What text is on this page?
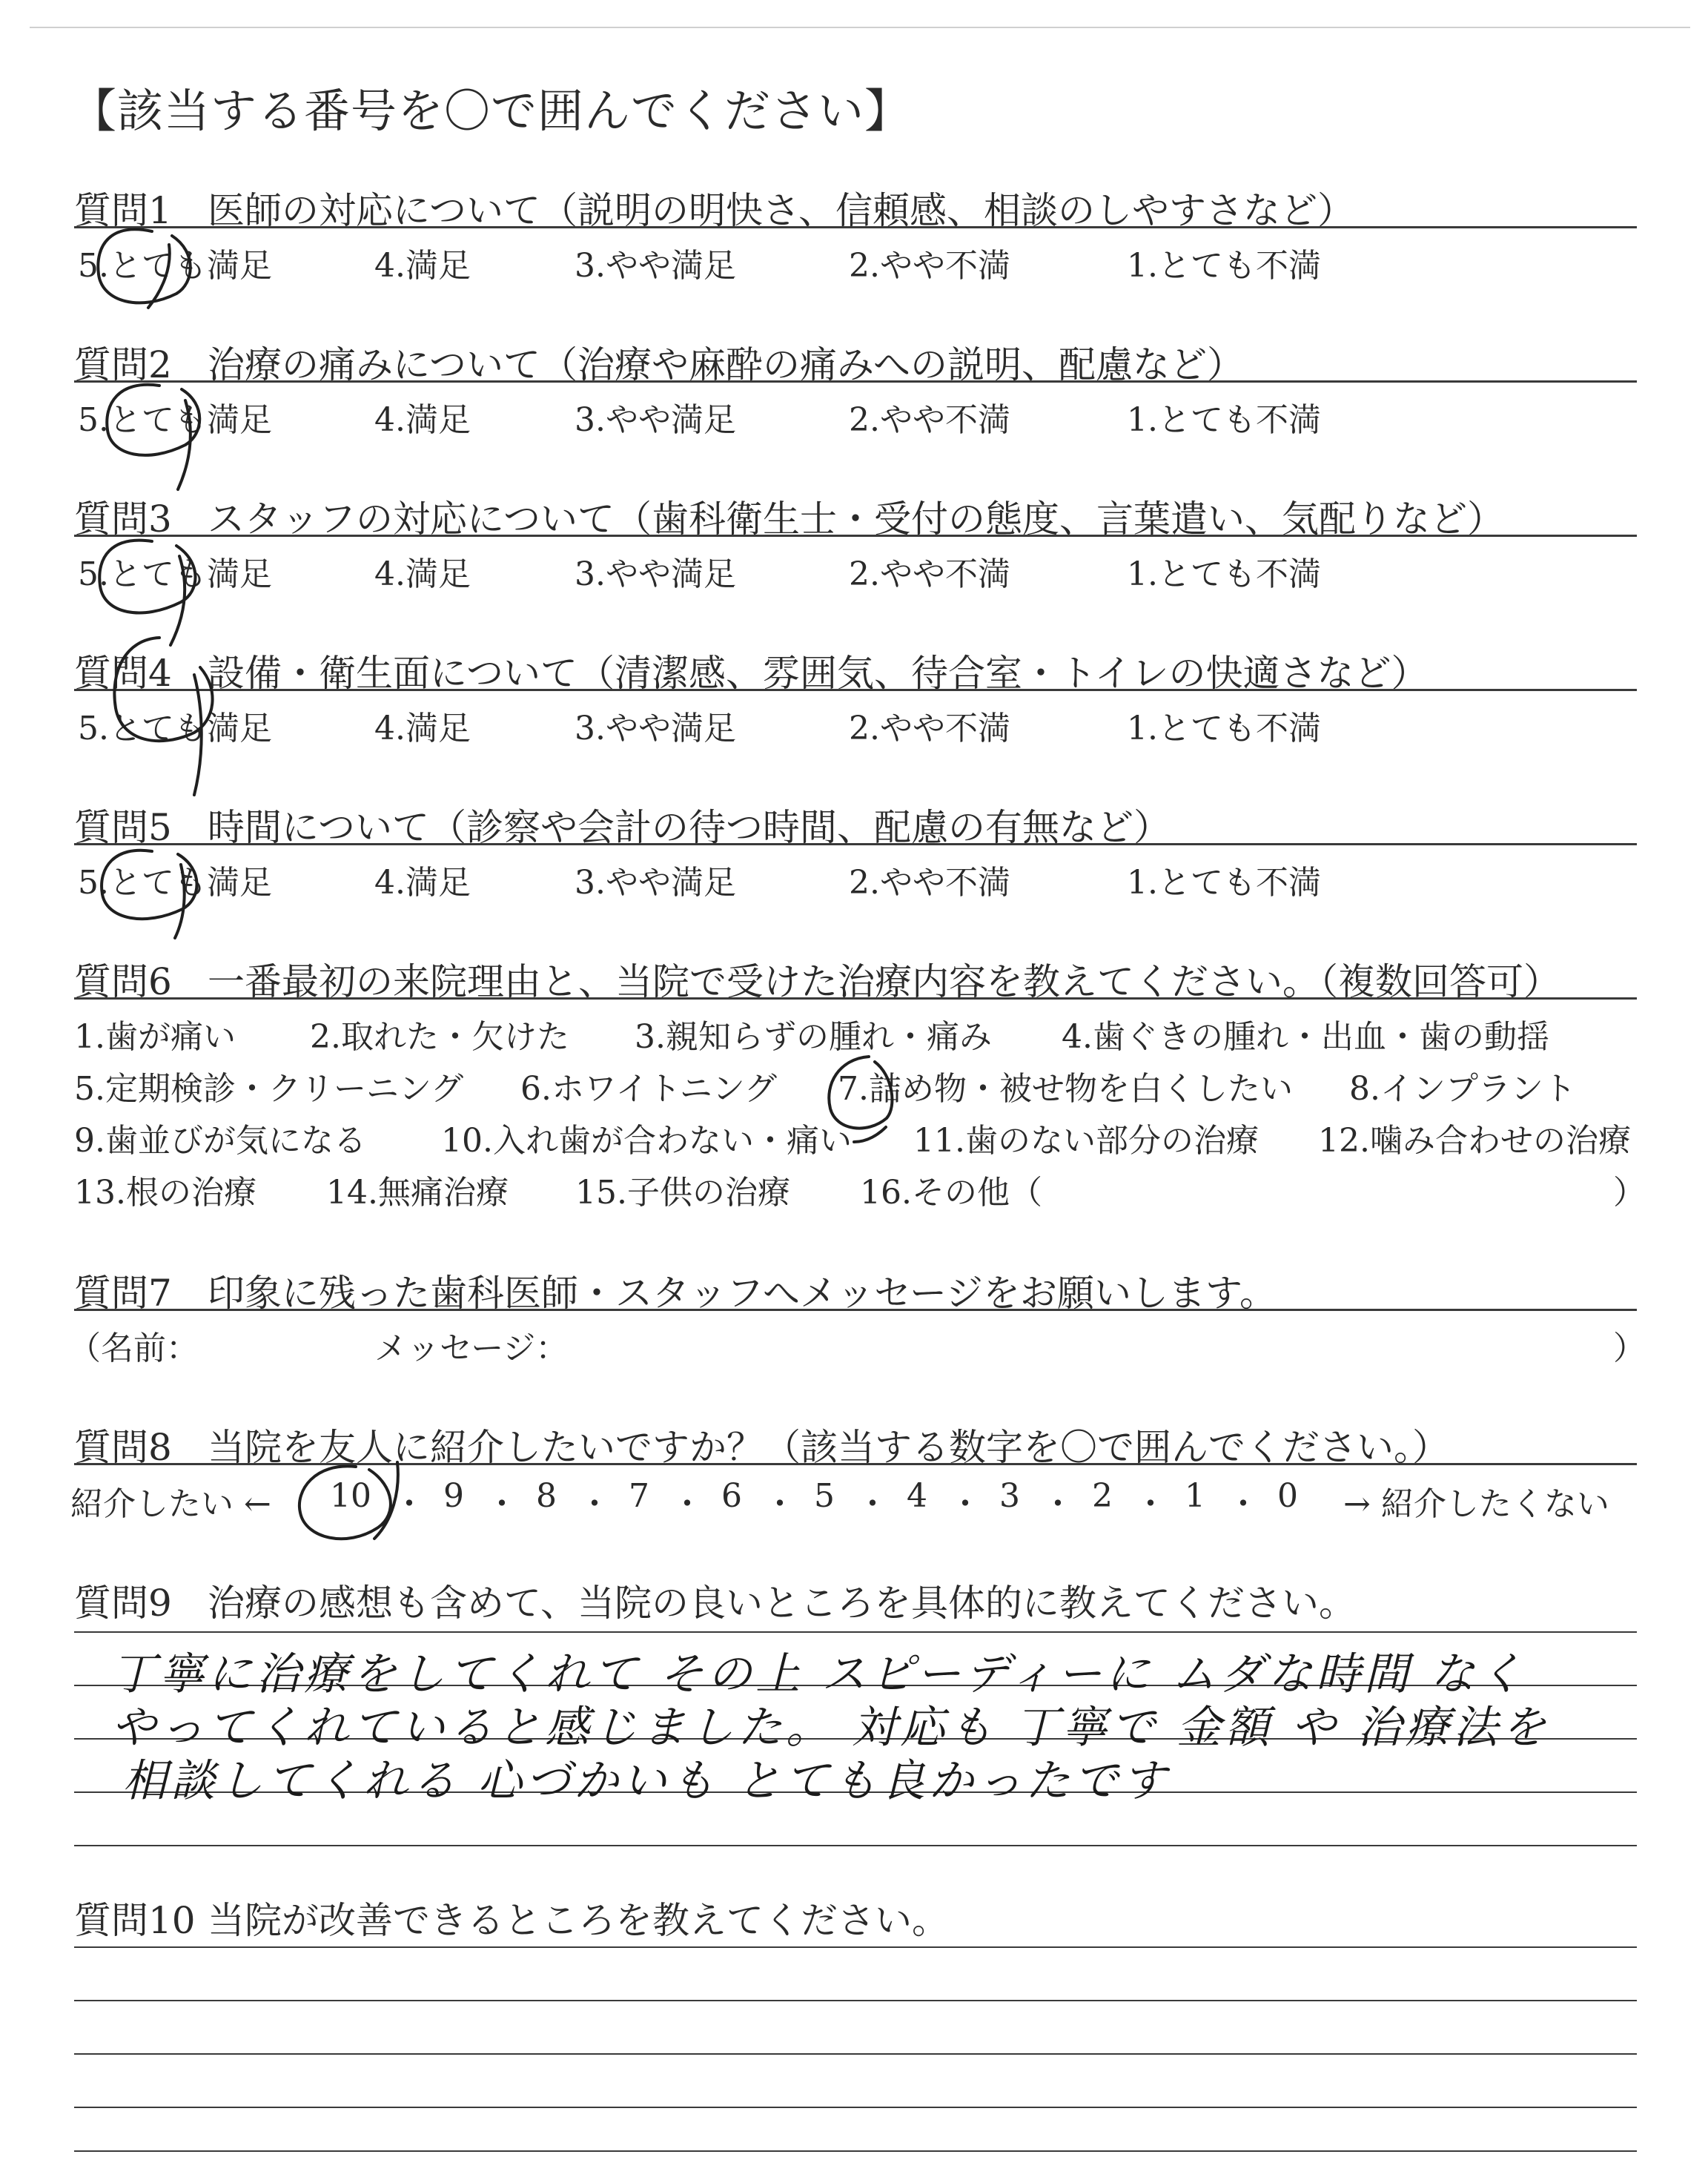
【該当する番号を〇で囲んでください】
質問1 医師の対応について（説明の明快さ、信頼感、相談のしやすさなど）
5.とても満足	4.満足	3.やや満足	2.やや不満	1.とても不満
質問2 治療の痛みについて（治療や麻酔の痛みへの説明、配慮など）
5.とても満足	4.満足	3.やや満足	2.やや不満	1.とても不満
質問3 スタッフの対応について（歯科衛生士・受付の態度、言葉遣い、気配りなど）
5.とても満足	4.満足	3.やや満足	2.やや不満	1.とても不満
質問4 設備・衛生面について（清潔感、雰囲気、待合室・トイレの快適さなど）
5.とても満足	4.満足	3.やや満足	2.やや不満	1.とても不満
質問5 時間について（診察や会計の待つ時間、配慮の有無など）
5.とても満足	4.満足	3.やや満足	2.やや不満	1.とても不満
質問6 一番最初の来院理由と、当院で受けた治療内容を教えてください。（複数回答可）
1.歯が痛い 2.取れた・欠けた 3.親知らずの腫れ・痛み 4.歯ぐきの腫れ・出血・歯の動揺
5.定期検診・クリーニング 6.ホワイトニング 7.詰め物・被せ物を白くしたい 8.インプラント
9.歯並びが気になる 10.入れ歯が合わない・痛い 11.歯のない部分の治療 12.噛み合わせの治療
13.根の治療 14.無痛治療 15.子供の治療 16.その他（	）
質問7 印象に残った歯科医師・スタッフへメッセージをお願いします。
（名前：	メッセージ：	）
質問8 当院を友人に紹介したいですか？（該当する数字を〇で囲んでください。）
紹介したい ← 10 ・ 9 ・ 8 ・ 7 ・ 6 ・ 5 ・ 4 ・ 3 ・ 2 ・ 1 ・ 0 → 紹介したくない
質問9 治療の感想も含めて、当院の良いところを具体的に教えてください。
丁寧に治療をしてくれて その上 スピーディーに ムダな時間 なく
やってくれていると感じました。 対応も 丁寧で 金額 や 治療法を
相談してくれる 心づかいも とても良かったです
質問10 当院が改善できるところを教えてください。
